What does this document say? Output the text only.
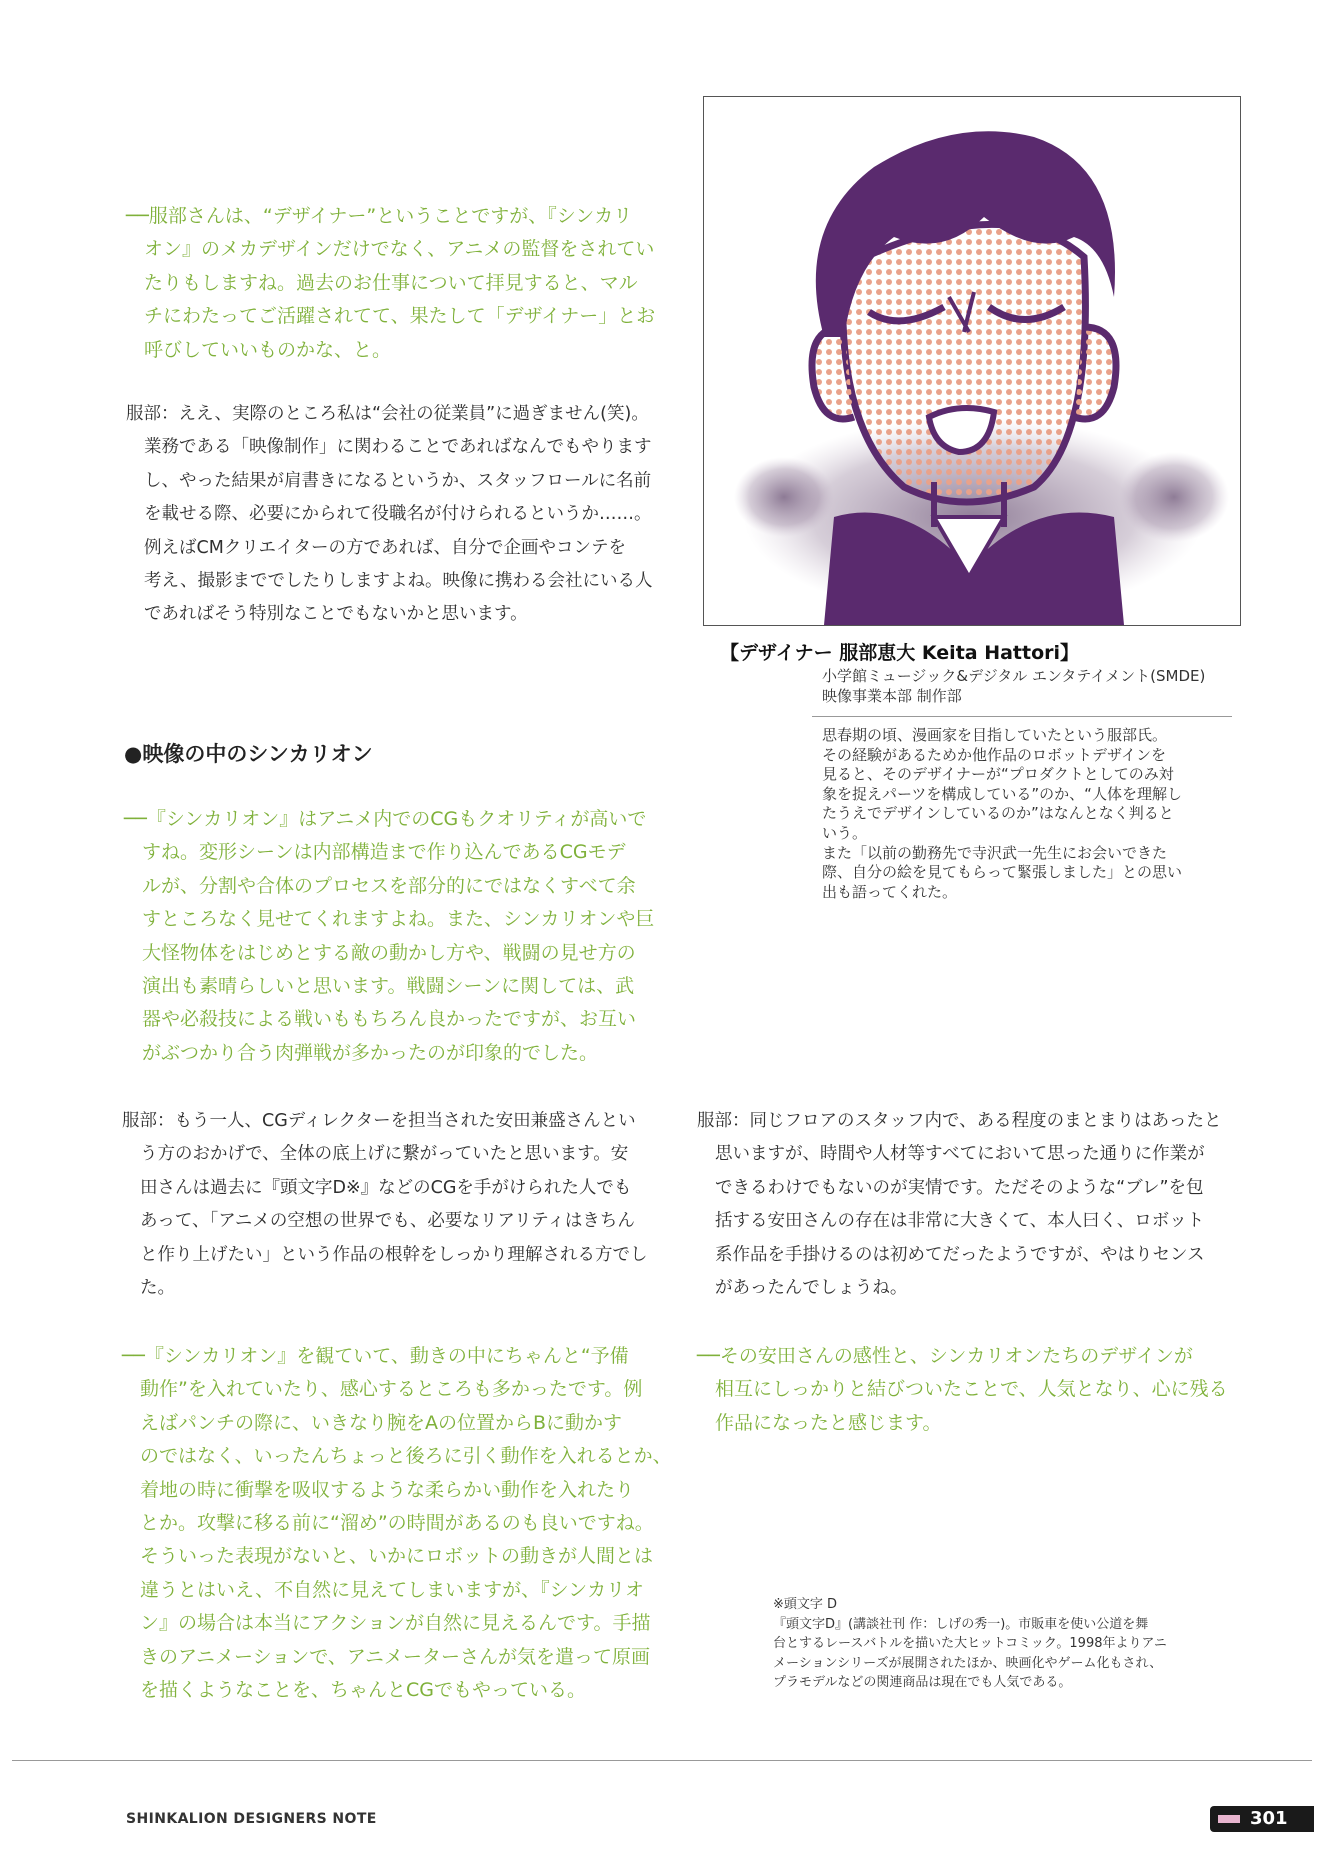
──服部さんは、“デザイナー”ということですが、『シンカリ
オン』のメカデザインだけでなく、アニメの監督をされてい
たりもしますね。過去のお仕事について拝見すると、マル
チにわたってご活躍されてて、果たして「デザイナー」とお
呼びしていいものかな、と。
服部：ええ、実際のところ私は“会社の従業員”に過ぎません(笑)。
業務である「映像制作」に関わることであればなんでもやります
し、やった結果が肩書きになるというか、スタッフロールに名前
を載せる際、必要にかられて役職名が付けられるというか……。
例えばCMクリエイターの方であれば、自分で企画やコンテを
考え、撮影まででしたりしますよね。映像に携わる会社にいる人
であればそう特別なことでもないかと思います。
●映像の中のシンカリオン
──『シンカリオン』はアニメ内でのCGもクオリティが高いで
すね。変形シーンは内部構造まで作り込んであるCGモデ
ルが、分割や合体のプロセスを部分的にではなくすべて余
すところなく見せてくれますよね。また、シンカリオンや巨
大怪物体をはじめとする敵の動かし方や、戦闘の見せ方の
演出も素晴らしいと思います。戦闘シーンに関しては、武
器や必殺技による戦いももちろん良かったですが、お互い
がぶつかり合う肉弾戦が多かったのが印象的でした。
服部：もう一人、CGディレクターを担当された安田兼盛さんとい
う方のおかげで、全体の底上げに繋がっていたと思います。安
田さんは過去に『頭文字D※』などのCGを手がけられた人でも
あって、「アニメの空想の世界でも、必要なリアリティはきちん
と作り上げたい」という作品の根幹をしっかり理解される方でし
た。
──『シンカリオン』を観ていて、動きの中にちゃんと“予備
動作”を入れていたり、感心するところも多かったです。例
えばパンチの際に、いきなり腕をAの位置からBに動かす
のではなく、いったんちょっと後ろに引く動作を入れるとか、
着地の時に衝撃を吸収するような柔らかい動作を入れたり
とか。攻撃に移る前に“溜め”の時間があるのも良いですね。
そういった表現がないと、いかにロボットの動きが人間とは
違うとはいえ、不自然に見えてしまいますが、『シンカリオ
ン』の場合は本当にアクションが自然に見えるんです。手描
きのアニメーションで、アニメーターさんが気を遣って原画
を描くようなことを、ちゃんとCGでもやっている。
服部：同じフロアのスタッフ内で、ある程度のまとまりはあったと
思いますが、時間や人材等すべてにおいて思った通りに作業が
できるわけでもないのが実情です。ただそのような“ブレ”を包
括する安田さんの存在は非常に大きくて、本人曰く、ロボット
系作品を手掛けるのは初めてだったようですが、やはりセンス
があったんでしょうね。
──その安田さんの感性と、シンカリオンたちのデザインが
相互にしっかりと結びついたことで、人気となり、心に残る
作品になったと感じます。
【デザイナー 服部恵大 Keita Hattori】
小学館ミュージック&デジタル エンタテイメント(SMDE)
映像事業本部 制作部
思春期の頃、漫画家を目指していたという服部氏。
その経験があるためか他作品のロボットデザインを
見ると、そのデザイナーが“プロダクトとしてのみ対
象を捉えパーツを構成している”のか、“人体を理解し
たうえでデザインしているのか”はなんとなく判ると
いう。
また「以前の勤務先で寺沢武一先生にお会いできた
際、自分の絵を見てもらって緊張しました」との思い
出も語ってくれた。
※頭文字 D
『頭文字D』(講談社刊 作：しげの秀一)。市販車を使い公道を舞
台とするレースバトルを描いた大ヒットコミック。1998年よりアニ
メーションシリーズが展開されたほか、映画化やゲーム化もされ、
プラモデルなどの関連商品は現在でも人気である。
SHINKALION DESIGNERS NOTE	301
